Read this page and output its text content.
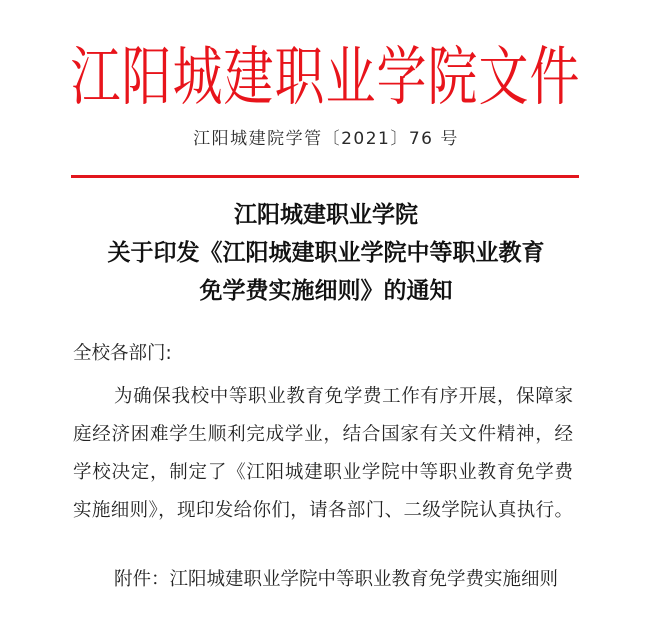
江 阳 城 建 职 业 学 院 文 件
江阳城建院学管〔2021〕76 号
江阳城建职业学院
关于印发《江阳城建职业学院中等职业教育
免学费实施细则》的通知
全校各部门:
为确保我校中等职业教育免学费工作有序开展，保障家
庭经济困难学生顺利完成学业，结合国家有关文件精神，经
学校决定，制定了《江阳城建职业学院中等职业教育免学费
实施细则》，现印发给你们，请各部门、二级学院认真执行。
附件：江阳城建职业学院中等职业教育免学费实施细则
